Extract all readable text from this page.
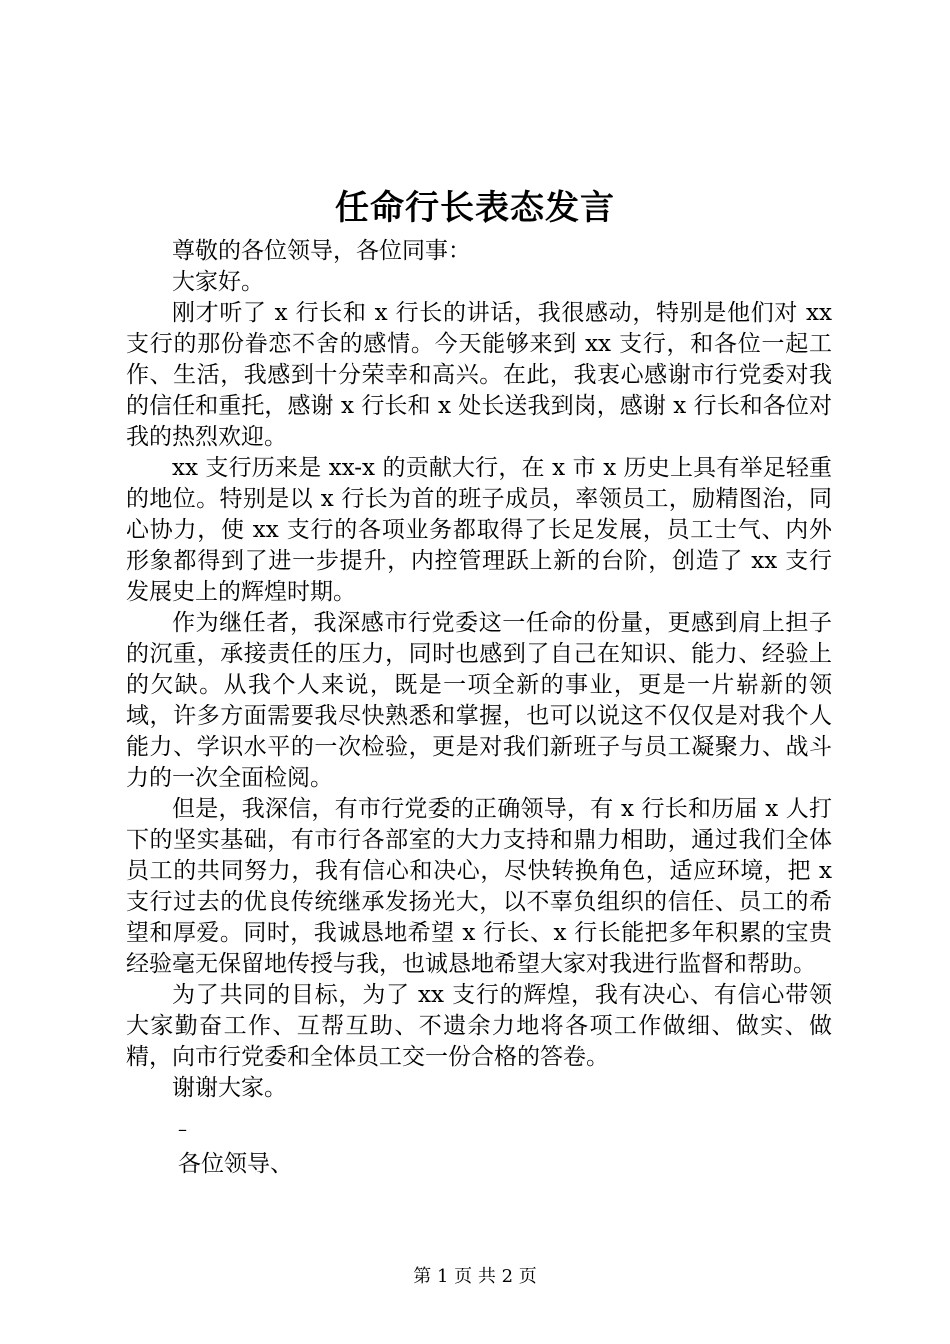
任命行长表态发言

尊敬的各位领导，各位同事：

大家好。

刚才听了 x 行长和 x 行长的讲话，我很感动，特别是他们对 xx 支行的那份眷恋不舍的感情。今天能够来到 xx 支行，和各位一起工作、生活，我感到十分荣幸和高兴。在此，我衷心感谢市行党委对我的信任和重托，感谢 x 行长和 x 处长送我到岗，感谢 x 行长和各位对我的热烈欢迎。

xx 支行历来是 xx-x 的贡献大行，在 x 市 x 历史上具有举足轻重的地位。特别是以 x 行长为首的班子成员，率领员工，励精图治，同心协力，使 xx 支行的各项业务都取得了长足发展，员工士气、内外形象都得到了进一步提升，内控管理跃上新的台阶，创造了 xx 支行发展史上的辉煌时期。

作为继任者，我深感市行党委这一任命的份量，更感到肩上担子的沉重，承接责任的压力，同时也感到了自己在知识、能力、经验上的欠缺。从我个人来说，既是一项全新的事业，更是一片崭新的领域，许多方面需要我尽快熟悉和掌握，也可以说这不仅仅是对我个人能力、学识水平的一次检验，更是对我们新班子与员工凝聚力、战斗力的一次全面检阅。

但是，我深信，有市行党委的正确领导，有 x 行长和历届 x 人打下的坚实基础，有市行各部室的大力支持和鼎力相助，通过我们全体员工的共同努力，我有信心和决心，尽快转换角色，适应环境，把 x 支行过去的优良传统继承发扬光大，以不辜负组织的信任、员工的希望和厚爱。同时，我诚恳地希望 x 行长、x 行长能把多年积累的宝贵经验毫无保留地传授与我，也诚恳地希望大家对我进行监督和帮助。

为了共同的目标，为了 xx 支行的辉煌，我有决心、有信心带领大家勤奋工作、互帮互助、不遗余力地将各项工作做细、做实、做精，向市行党委和全体员工交一份合格的答卷。

谢谢大家。

–
各位领导、
第 1 页 共 2 页
